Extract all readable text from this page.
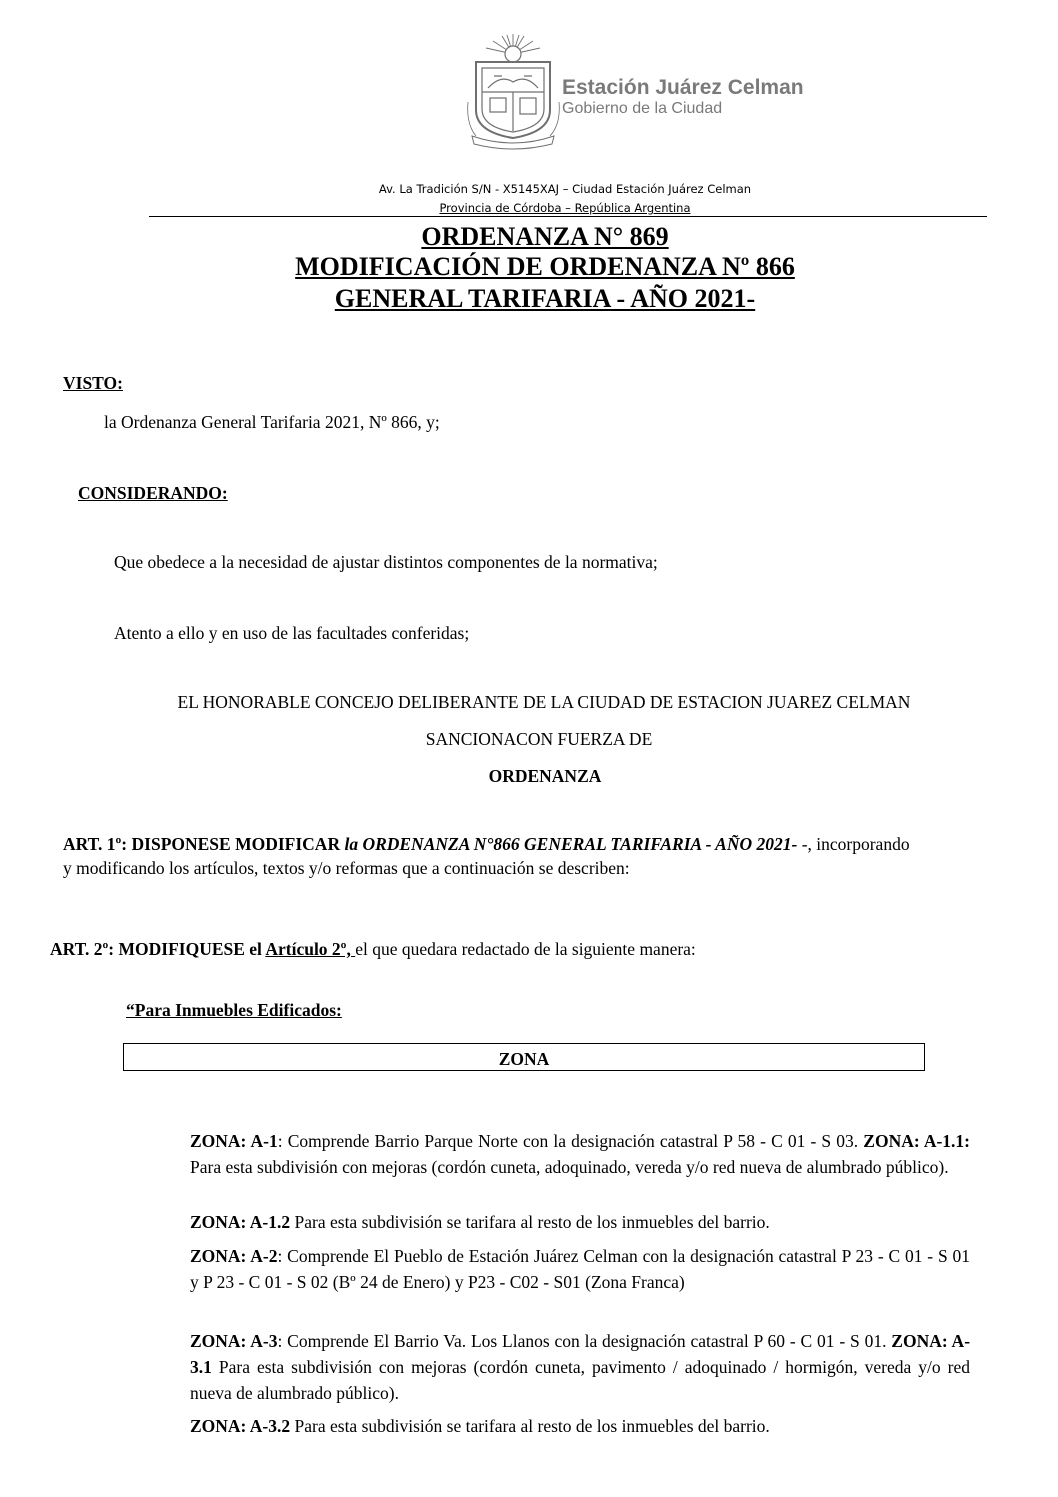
Estación Juárez Celman
Gobierno de la Ciudad
Av. La Tradición S/N - X5145XAJ – Ciudad Estación Juárez Celman
Provincia de Córdoba – República Argentina
ORDENANZA N° 869
MODIFICACIÓN DE ORDENANZA Nº 866
GENERAL TARIFARIA - AÑO 2021-
VISTO:
la Ordenanza General Tarifaria 2021, Nº 866, y;
CONSIDERANDO:
Que obedece a la necesidad de ajustar distintos componentes de la normativa;
Atento a ello y en uso de las facultades conferidas;
EL HONORABLE CONCEJO DELIBERANTE DE LA CIUDAD DE ESTACION JUAREZ CELMAN
SANCIONACON FUERZA DE
ORDENANZA
ART. 1º: DISPONESE MODIFICAR la ORDENANZA N°866 GENERAL TARIFARIA - AÑO 2021- -, incorporando
y modificando los artículos, textos y/o reformas que a continuación se describen:
ART. 2º: MODIFIQUESE el Artículo 2º, el que quedara redactado de la siguiente manera:
“Para Inmuebles Edificados:
ZONA
ZONA: A-1: Comprende Barrio Parque Norte con la designación catastral P 58 - C 01 - S 03. ZONA: A-1.1: Para esta subdivisión con mejoras (cordón cuneta, adoquinado, vereda y/o red nueva de alumbrado público).
ZONA: A-1.2 Para esta subdivisión se tarifara al resto de los inmuebles del barrio.
ZONA: A-2: Comprende El Pueblo de Estación Juárez Celman con la designación catastral P 23 - C 01 - S 01 y P 23 - C 01 - S 02 (Bº 24 de Enero) y P23 - C02 - S01 (Zona Franca)
ZONA: A-3: Comprende El Barrio Va. Los Llanos con la designación catastral P 60 - C 01 - S 01. ZONA: A-3.1 Para esta subdivisión con mejoras (cordón cuneta, pavimento / adoquinado / hormigón, vereda y/o red nueva de alumbrado público).
ZONA: A-3.2 Para esta subdivisión se tarifara al resto de los inmuebles del barrio.
